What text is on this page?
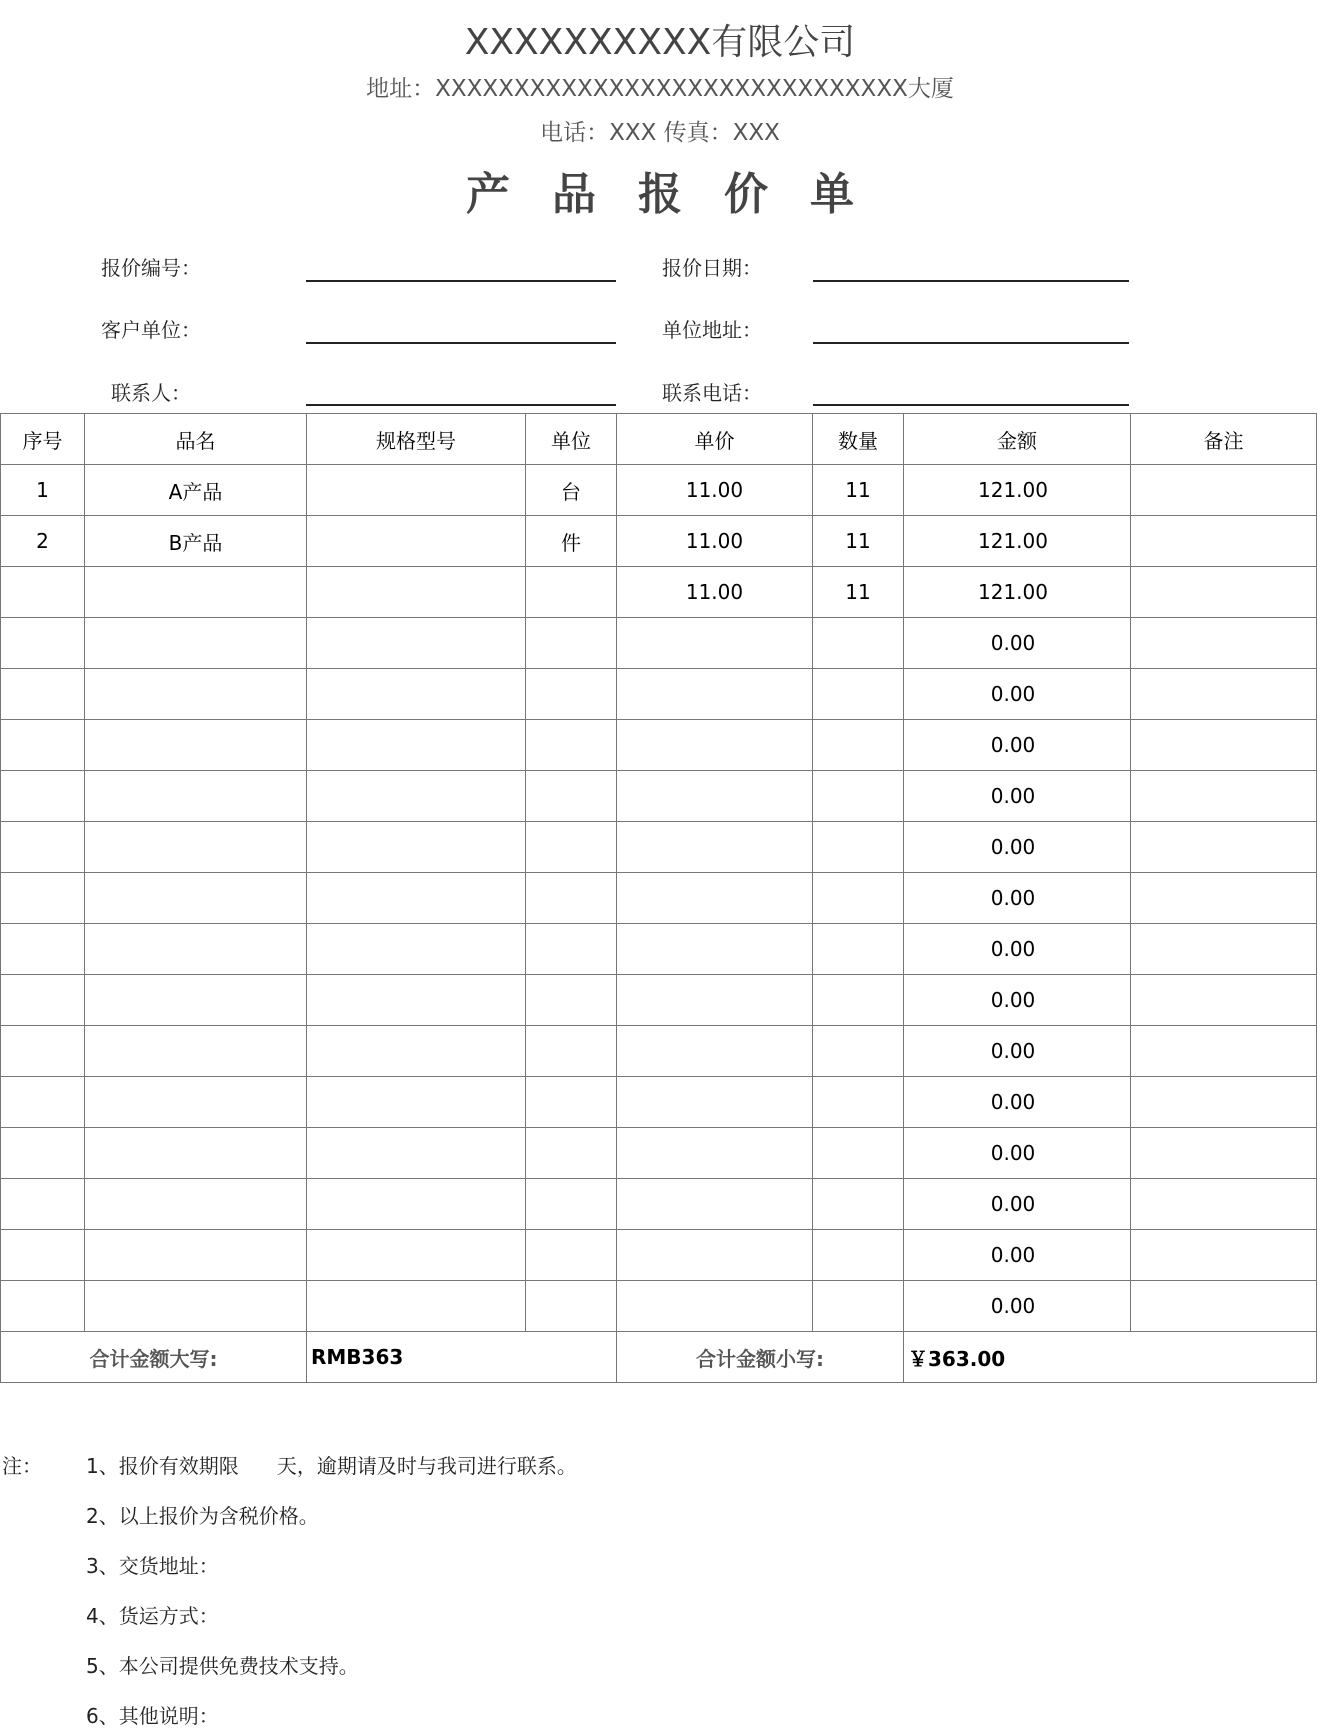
XXXXXXXXXX有限公司
地址：XXXXXXXXXXXXXXXXXXXXXXXXXXXXXX大厦
电话：XXX 传真：XXX
产品报价单
报价编号：	报价日期：
客户单位：	单位地址：
联系人：	联系电话：
序号	品名	规格型号	单位	单价	数量	金额	备注
1	A产品		台	11.00	11	121.00	
2	B产品		件	11.00	11	121.00	
				11.00	11	121.00	
						0.00	
						0.00	
						0.00	
						0.00	
						0.00	
						0.00	
						0.00	
						0.00	
						0.00	
						0.00	
						0.00	
						0.00	
						0.00	
						0.00	
合计金额大写:		RMB363		合计金额小写:		￥363.00	
注： 1、报价有效期限      天，逾期请及时与我司进行联系。
2、以上报价为含税价格。
3、交货地址：
4、货运方式：
5、本公司提供免费技术支持。
6、其他说明：
